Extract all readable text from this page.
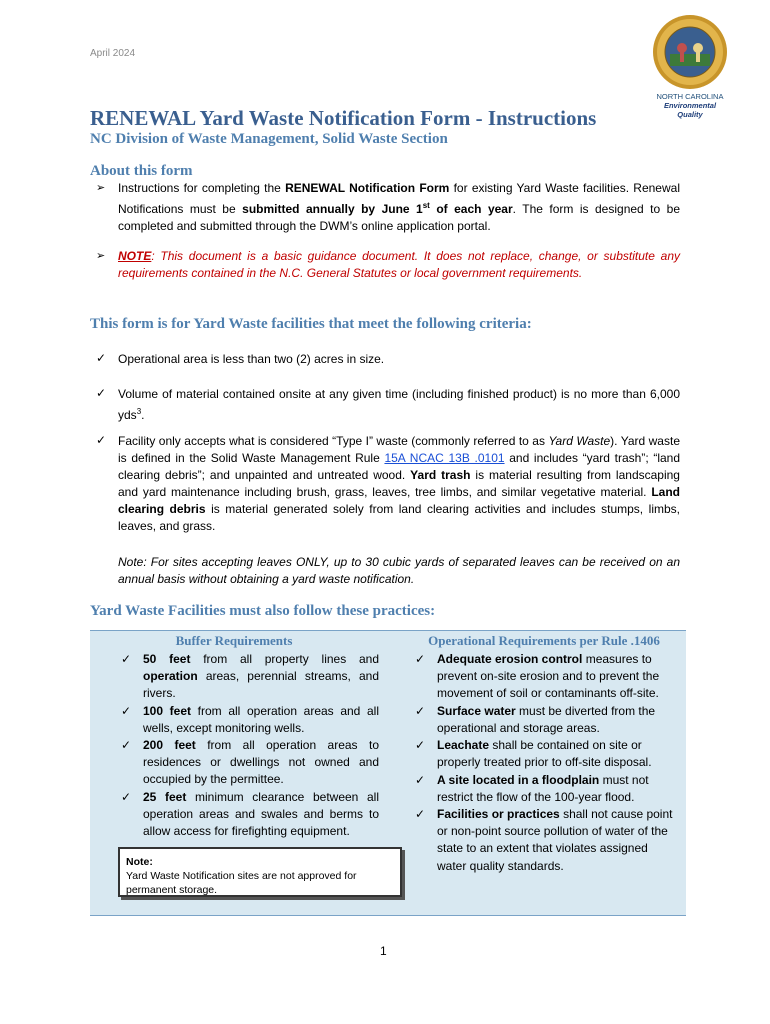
April 2024
NORTH CAROLINA
Environmental Quality
RENEWAL Yard Waste Notification Form - Instructions
NC Division of Waste Management, Solid Waste Section
About this form
➢ Instructions for completing the RENEWAL Notification Form for existing Yard Waste facilities. Renewal Notifications must be submitted annually by June 1st of each year. The form is designed to be completed and submitted through the DWM’s online application portal.
➢ NOTE: This document is a basic guidance document. It does not replace, change, or substitute any requirements contained in the N.C. General Statutes or local government requirements.
This form is for Yard Waste facilities that meet the following criteria:
✓ Operational area is less than two (2) acres in size.
✓ Volume of material contained onsite at any given time (including finished product) is no more than 6,000 yds$^3$.
✓ Facility only accepts what is considered “Type I” waste (commonly referred to as Yard Waste). Yard waste is defined in the Solid Waste Management Rule 15A NCAC 13B .0101 and includes “yard trash”; “land clearing debris”; and unpainted and untreated wood. Yard trash is material resulting from landscaping and yard maintenance including brush, grass, leaves, tree limbs, and similar vegetative material. Land clearing debris is material generated solely from land clearing activities and includes stumps, limbs, leaves, and grass.
Note: For sites accepting leaves ONLY, up to 30 cubic yards of separated leaves can be received on an annual basis without obtaining a yard waste notification.
Yard Waste Facilities must also follow these practices:
Buffer Requirements	Operational Requirements per Rule .1406
✓ 50 feet from all property lines and operation areas, perennial streams, and rivers.
✓ 100 feet from all operation areas and all wells, except monitoring wells.
✓ 200 feet from all operation areas to residences or dwellings not owned and occupied by the permittee.
✓ 25 feet minimum clearance between all operation areas and swales and berms to allow access for firefighting equipment.
✓ Adequate erosion control measures to prevent on-site erosion and to prevent the movement of soil or contaminants off-site.
✓ Surface water must be diverted from the operational and storage areas.
✓ Leachate shall be contained on site or properly treated prior to off-site disposal.
✓ A site located in a floodplain must not restrict the flow of the 100-year flood.
✓ Facilities or practices shall not cause point or non-point source pollution of water of the state to an extent that violates assigned water quality standards.
Note:
Yard Waste Notification sites are not approved for permanent storage.
1
